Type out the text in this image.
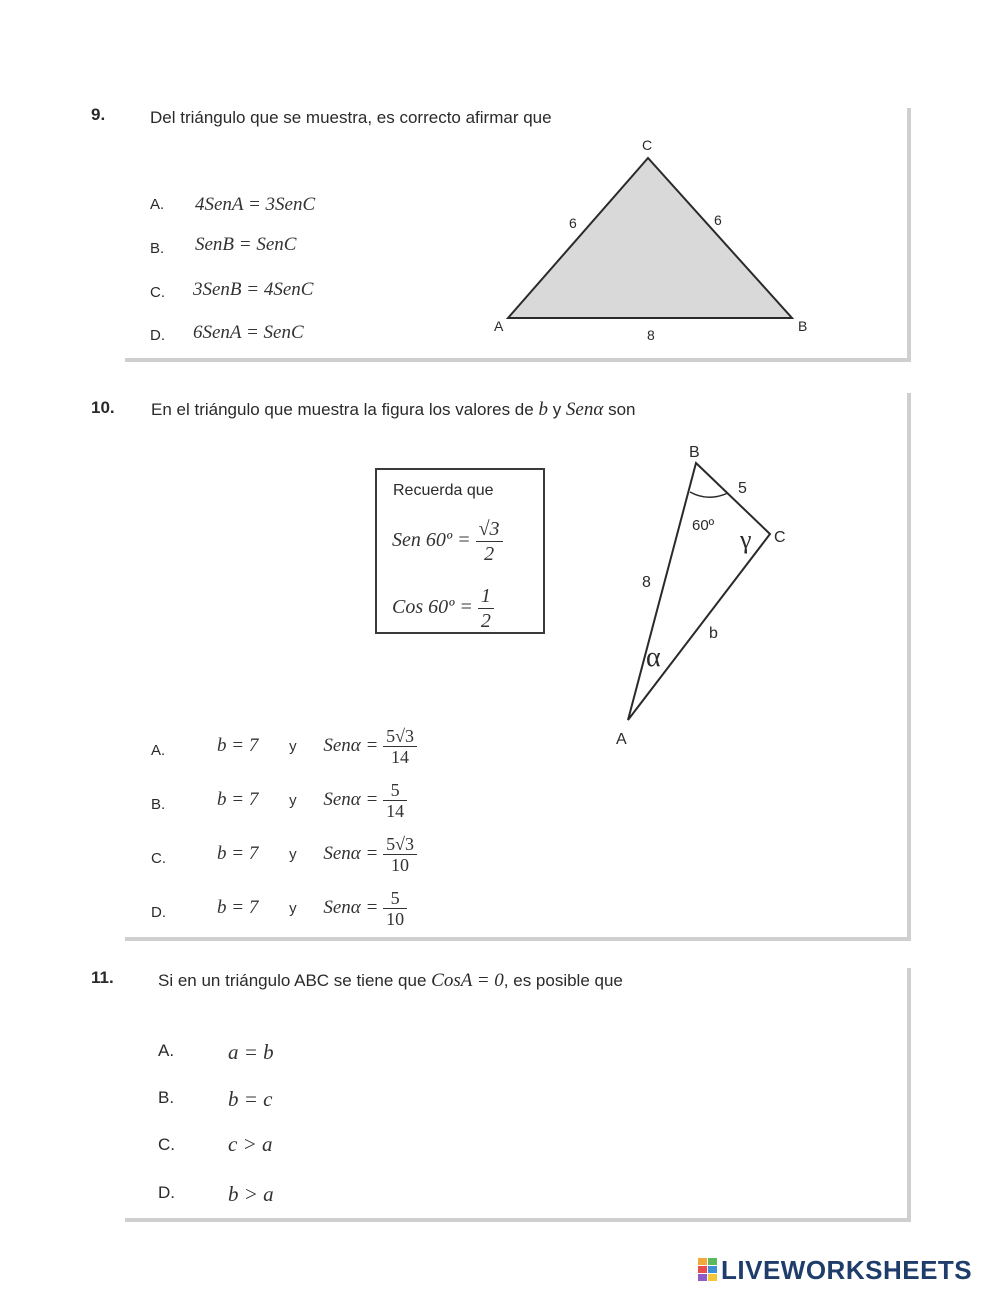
9.	Del triángulo que se muestra, es correcto afirmar que
A. 4SenA = 3SenC
B. SenB = SenC
C. 3SenB = 4SenC
D. 6SenA = SenC
C
A	B
6	6
8
10. En el triángulo que muestra la figura los valores de b y Senα son
Recuerda que
Sen 60º = $\frac{√3}{2}$
Cos 60º = $\frac{1}{2}$
B
C
A
5
8
b
60º γ
α
A.	b = 7 y $Sen\alpha = \frac{5√3}{14}$
B.	b = 7 y $Sen\alpha = \frac{5}{14}$
C.	b = 7 y $Sen\alpha = \frac{5√3}{10}$
D.	b = 7 y $Sen\alpha = \frac{5}{10}$
11.	Si en un triángulo ABC se tiene que CosA = 0, es posible que
A.	a = b
B.	b = c
C.	c > a
D.	b > a
LIVEWORKSHEETS
